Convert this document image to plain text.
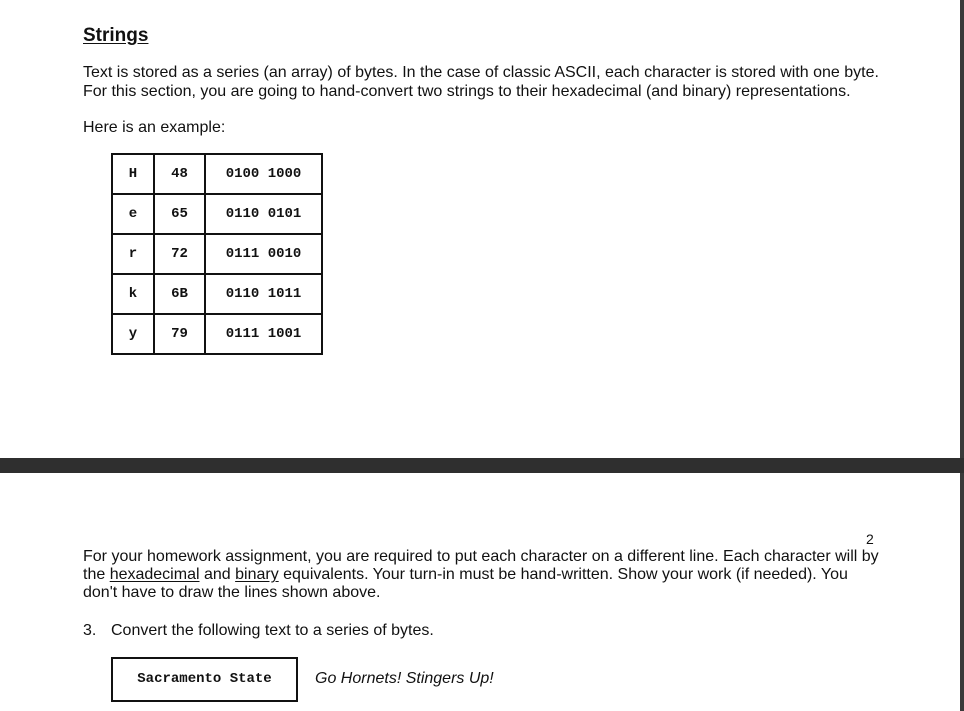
Strings
Text is stored as a series (an array) of bytes. In the case of classic ASCII, each character is stored with one byte.
For this section, you are going to hand-convert two strings to their hexadecimal (and binary) representations.
Here is an example:
H	48	0100 1000
e	65	0110 0101
r	72	0111 0010
k	6B	0110 1011
y	79	0111 1001
2
For your homework assignment, you are required to put each character on a different line. Each character will by
the hexadecimal and binary equivalents. Your turn-in must be hand-written. Show your work (if needed). You
don't have to draw the lines shown above.
3. Convert the following text to a series of bytes.
Sacramento State	Go Hornets! Stingers Up!
